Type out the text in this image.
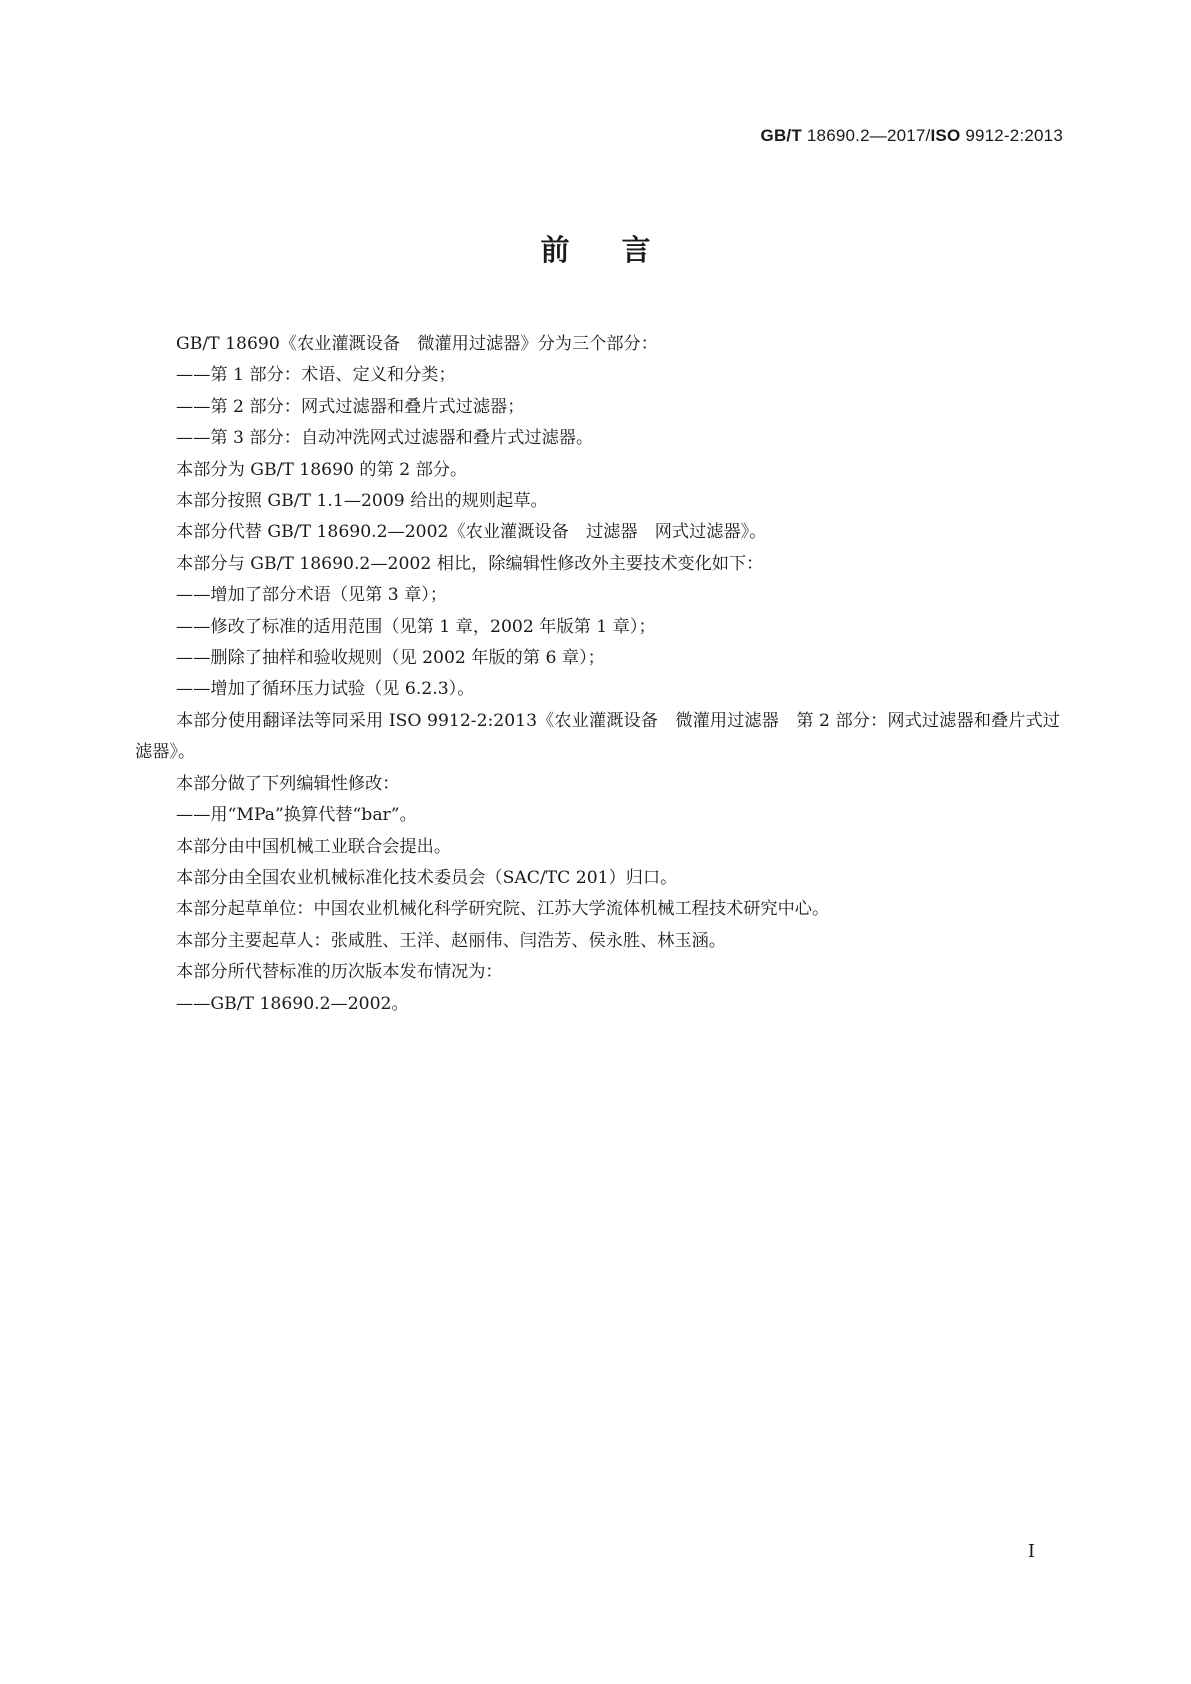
GB/T 18690.2—2017/ISO 9912-2:2013
前言

GB/T 18690《农业灌溉设备　微灌用过滤器》分为三个部分：

——第 1 部分：术语、定义和分类；

——第 2 部分：网式过滤器和叠片式过滤器；

——第 3 部分：自动冲洗网式过滤器和叠片式过滤器。

本部分为 GB/T 18690 的第 2 部分。

本部分按照 GB/T 1.1—2009 给出的规则起草。

本部分代替 GB/T 18690.2—2002《农业灌溉设备　过滤器　网式过滤器》。

本部分与 GB/T 18690.2—2002 相比，除编辑性修改外主要技术变化如下：

——增加了部分术语（见第 3 章）；

——修改了标准的适用范围（见第 1 章，2002 年版第 1 章）；

——删除了抽样和验收规则（见 2002 年版的第 6 章）；

——增加了循环压力试验（见 6.2.3）。

本部分使用翻译法等同采用 ISO 9912-2:2013《农业灌溉设备　微灌用过滤器　第 2 部分：网式过滤器和叠片式过滤器》。

本部分做了下列编辑性修改：

——用“MPa”换算代替“bar”。

本部分由中国机械工业联合会提出。

本部分由全国农业机械标准化技术委员会（SAC/TC 201）归口。

本部分起草单位：中国农业机械化科学研究院、江苏大学流体机械工程技术研究中心。

本部分主要起草人：张咸胜、王洋、赵丽伟、闫浩芳、侯永胜、林玉涵。

本部分所代替标准的历次版本发布情况为：

——GB/T 18690.2—2002。

I
